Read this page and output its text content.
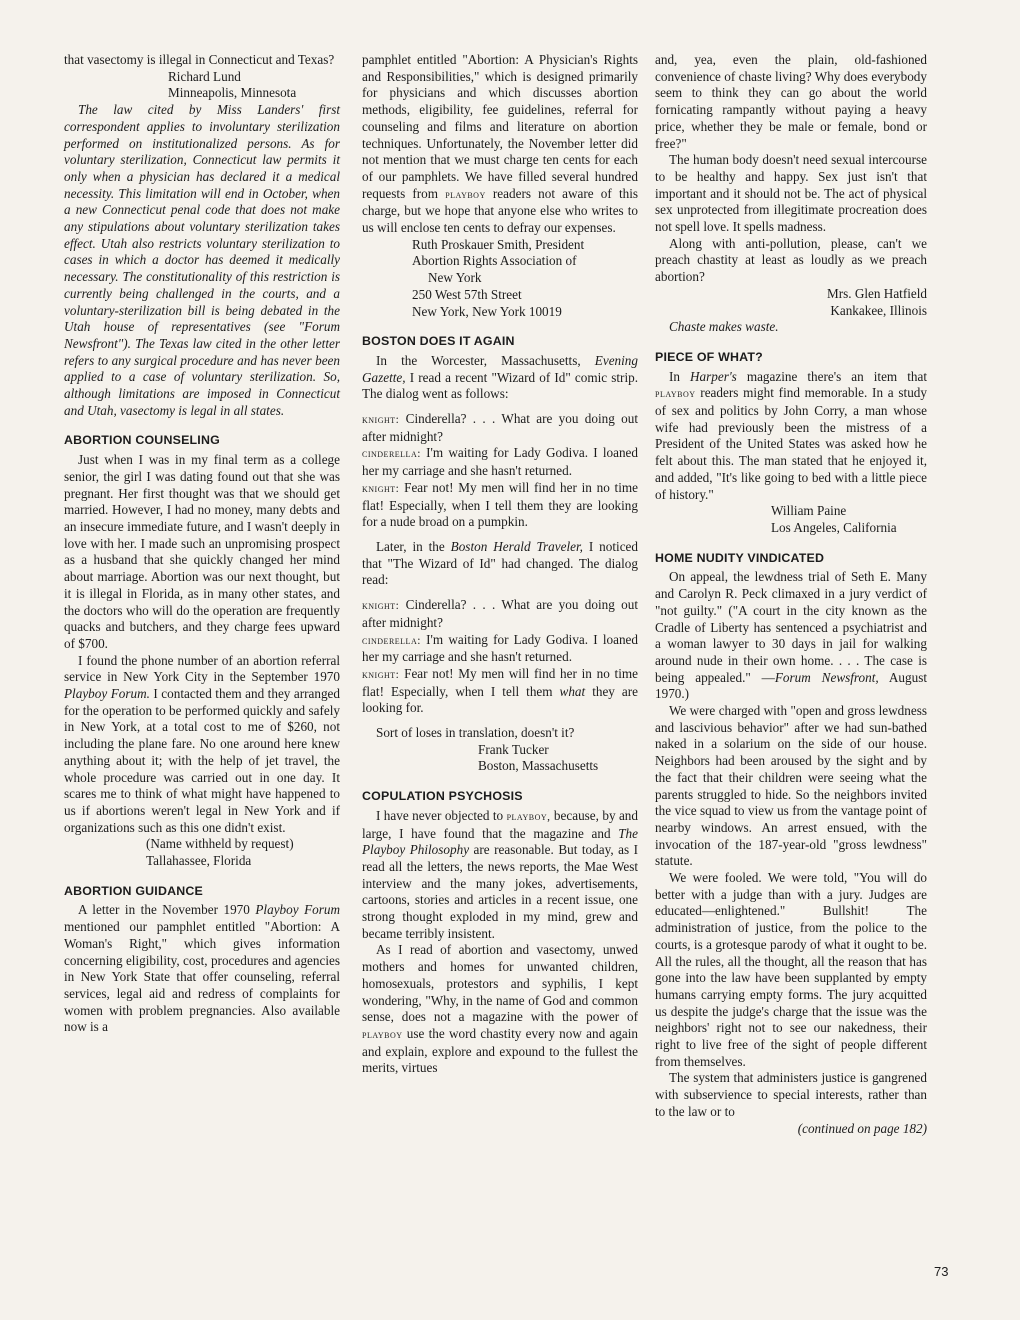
that vasectomy is illegal in Connecticut and Texas?

Richard Lund

Minneapolis, Minnesota

The law cited by Miss Landers' first correspondent applies to involuntary sterilization performed on institutionalized persons. As for voluntary sterilization, Connecticut law permits it only when a physician has declared it a medical necessity. This limitation will end in October, when a new Connecticut penal code that does not make any stipulations about voluntary sterilization takes effect. Utah also restricts voluntary sterilization to cases in which a doctor has deemed it medically necessary. The constitutionality of this restriction is currently being challenged in the courts, and a voluntary-sterilization bill is being debated in the Utah house of representatives (see "Forum Newsfront"). The Texas law cited in the other letter refers to any surgical procedure and has never been applied to a case of voluntary sterilization. So, although limitations are imposed in Connecticut and Utah, vasectomy is legal in all states.

ABORTION COUNSELING

Just when I was in my final term as a college senior, the girl I was dating found out that she was pregnant. Her first thought was that we should get married. However, I had no money, many debts and an insecure immediate future, and I wasn't deeply in love with her. I made such an unpromising prospect as a husband that she quickly changed her mind about marriage. Abortion was our next thought, but it is illegal in Florida, as in many other states, and the doctors who will do the operation are frequently quacks and butchers, and they charge fees upward of $700.

I found the phone number of an abortion referral service in New York City in the September 1970 Playboy Forum. I contacted them and they arranged for the operation to be performed quickly and safely in New York, at a total cost to me of $260, not including the plane fare. No one around here knew anything about it; with the help of jet travel, the whole procedure was carried out in one day. It scares me to think of what might have happened to us if abortions weren't legal in New York and if organizations such as this one didn't exist.

(Name withheld by request)

Tallahassee, Florida

ABORTION GUIDANCE

A letter in the November 1970 Playboy Forum mentioned our pamphlet entitled "Abortion: A Woman's Right," which gives information concerning eligibility, cost, procedures and agencies in New York State that offer counseling, referral services, legal aid and redress of complaints for women with problem pregnancies. Also available now is a

pamphlet entitled "Abortion: A Physician's Rights and Responsibilities," which is designed primarily for physicians and which discusses abortion methods, eligibility, fee guidelines, referral for counseling and films and literature on abortion techniques. Unfortunately, the November letter did not mention that we must charge ten cents for each of our pamphlets. We have filled several hundred requests from playboy readers not aware of this charge, but we hope that anyone else who writes to us will enclose ten cents to defray our expenses.

Ruth Proskauer Smith, President

Abortion Rights Association of

New York

250 West 57th Street

New York, New York 10019

BOSTON DOES IT AGAIN

In the Worcester, Massachusetts, Evening Gazette, I read a recent "Wizard of Id" comic strip. The dialog went as follows:

knight: Cinderella? . . . What are you doing out after midnight?

cinderella: I'm waiting for Lady Godiva. I loaned her my carriage and she hasn't returned.

knight: Fear not! My men will find her in no time flat! Especially, when I tell them they are looking for a nude broad on a pumpkin.

Later, in the Boston Herald Traveler, I noticed that "The Wizard of Id" had changed. The dialog read:

knight: Cinderella? . . . What are you doing out after midnight?

cinderella: I'm waiting for Lady Godiva. I loaned her my carriage and she hasn't returned.

knight: Fear not! My men will find her in no time flat! Especially, when I tell them what they are looking for.

Sort of loses in translation, doesn't it?

Frank Tucker

Boston, Massachusetts

COPULATION PSYCHOSIS

I have never objected to playboy, because, by and large, I have found that the magazine and The Playboy Philosophy are reasonable. But today, as I read all the letters, the news reports, the Mae West interview and the many jokes, advertisements, cartoons, stories and articles in a recent issue, one strong thought exploded in my mind, grew and became terribly insistent.

As I read of abortion and vasectomy, unwed mothers and homes for unwanted children, homosexuals, protestors and syphilis, I kept wondering, "Why, in the name of God and common sense, does not a magazine with the power of playboy use the word chastity every now and again and explain, explore and expound to the fullest the merits, virtues

and, yea, even the plain, old-fashioned convenience of chaste living? Why does everybody seem to think they can go about the world fornicating rampantly without paying a heavy price, whether they be male or female, bond or free?"

The human body doesn't need sexual intercourse to be healthy and happy. Sex just isn't that important and it should not be. The act of physical sex unprotected from illegitimate procreation does not spell love. It spells madness.

Along with anti-pollution, please, can't we preach chastity at least as loudly as we preach abortion?

Mrs. Glen Hatfield

Kankakee, Illinois

Chaste makes waste.

PIECE OF WHAT?

In Harper's magazine there's an item that playboy readers might find memorable. In a study of sex and politics by John Corry, a man whose wife had previously been the mistress of a President of the United States was asked how he felt about this. The man stated that he enjoyed it, and added, "It's like going to bed with a little piece of history."

William Paine

Los Angeles, California

HOME NUDITY VINDICATED

On appeal, the lewdness trial of Seth E. Many and Carolyn R. Peck climaxed in a jury verdict of "not guilty." ("A court in the city known as the Cradle of Liberty has sentenced a psychiatrist and a woman lawyer to 30 days in jail for walking around nude in their own home. . . . The case is being appealed." —Forum Newsfront, August 1970.)

We were charged with "open and gross lewdness and lascivious behavior" after we had sun-bathed naked in a solarium on the side of our house. Neighbors had been aroused by the sight and by the fact that their children were seeing what the parents struggled to hide. So the neighbors invited the vice squad to view us from the vantage point of nearby windows. An arrest ensued, with the invocation of the 187-year-old "gross lewdness" statute.

We were fooled. We were told, "You will do better with a judge than with a jury. Judges are educated—enlightened." Bullshit! The administration of justice, from the police to the courts, is a grotesque parody of what it ought to be. All the rules, all the thought, all the reason that has gone into the law have been supplanted by empty humans carrying empty forms. The jury acquitted us despite the judge's charge that the issue was the neighbors' right not to see our nakedness, their right to live free of the sight of people different from themselves.

The system that administers justice is gangrened with subservience to special interests, rather than to the law or to

(continued on page 182)

73
